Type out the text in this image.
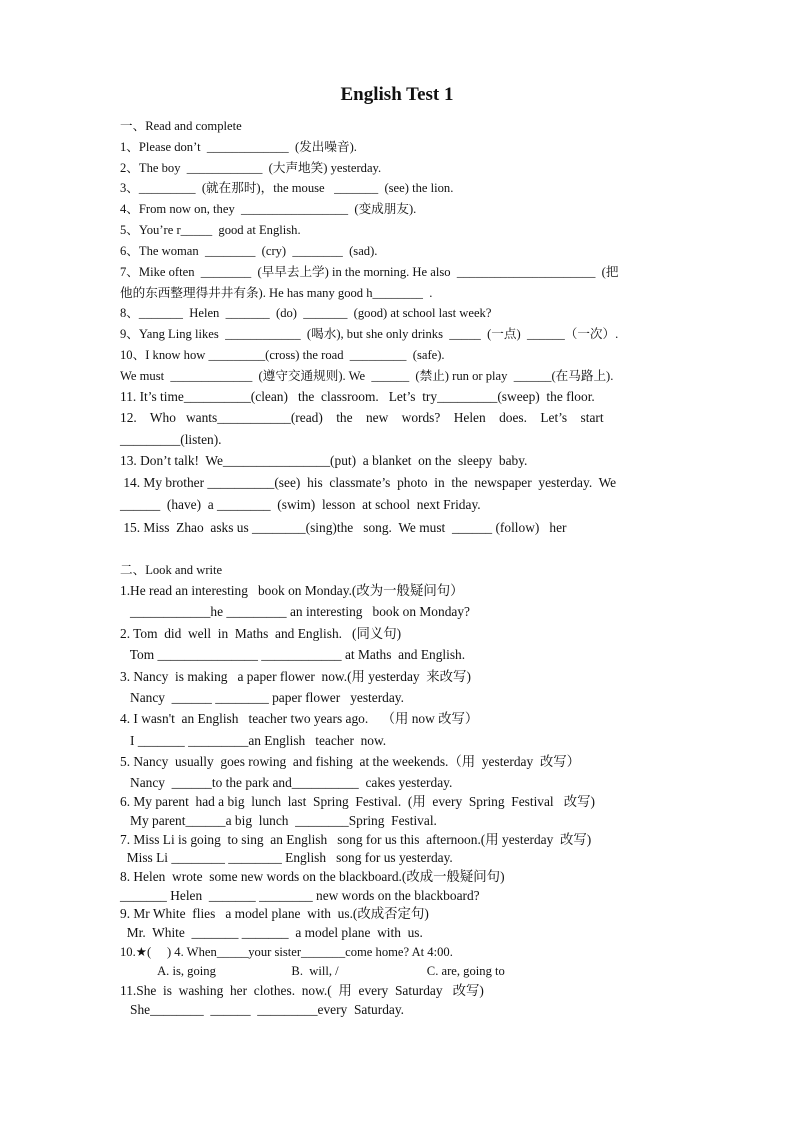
English Test 1
一、Read and complete
1、Please don’t  _____________  (发出噪音).
2、The boy  ____________  (大声地笑) yesterday.
3、_________  (就在那时)，the mouse   _______  (see) the lion.
4、From now on, they  _________________  (变成朋友).
5、You’re r_____  good at English.
6、The woman  ________  (cry)  ________  (sad).
7、Mike often  ________  (早早去上学) in the morning. He also  ______________________  (把
他的东西整理得井井有条). He has many good h________  .
8、_______  Helen  _______  (do)  _______  (good) at school last week?
9、Yang Ling likes  ____________  (喝水), but she only drinks  _____  (一点)  ______（一次）.
10、I know how _________(cross) the road  _________  (safe).
We must  _____________  (遵守交通规则). We  ______  (禁止) run or play  ______(在马路上).
11. It’s time__________(clean)   the  classroom.   Let’s  try_________(sweep)  the floor.
12.    Who   wants___________(read)    the    new    words?    Helen    does.    Let’s    start
_________(listen).
13. Don’t talk!  We________________(put)  a blanket  on the  sleepy  baby.
14. My brother __________(see)  his  classmate’s  photo  in  the  newspaper  yesterday.  We
______  (have)  a ________  (swim)  lesson  at school  next Friday.
15. Miss  Zhao  asks us ________(sing)the   song.  We must  ______ (follow)   her
二、Look and write
1.He read an interesting   book on Monday.(改为一般疑问句）
____________he _________ an interesting   book on Monday?
2. Tom  did  well  in  Maths  and English.   (同义句)
Tom _______________ ____________ at Maths  and English.
3. Nancy  is making   a paper flower  now.(用 yesterday  来改写)
Nancy  ______ ________ paper flower   yesterday.
4. I wasn't  an English   teacher two years ago.    （用 now 改写）
I _______ _________an English   teacher  now.
5. Nancy  usually  goes rowing  and fishing  at the weekends.（用  yesterday  改写）
Nancy  ______to the park and__________  cakes yesterday.
6. My parent  had a big  lunch  last  Spring  Festival.  (用  every  Spring  Festival   改写)
My parent______a big  lunch  ________Spring  Festival.
7. Miss Li is going  to sing  an English   song for us this  afternoon.(用 yesterday  改写)
Miss Li ________ ________ English   song for us yesterday.
8. Helen  wrote  some new words on the blackboard.(改成一般疑问句)
_______ Helen  _______ ________ new words on the blackboard?
9. Mr White  flies   a model plane  with  us.(改成否定句)
Mr.  White  _______ _______  a model plane  with  us.
10.★(     ) 4. When_____your sister_______come home? At 4:00.
A. is, going                        B.  will, /                            C. are, going to
11.She  is  washing  her  clothes.  now.(  用  every  Saturday   改写)
She________  ______  _________every  Saturday.
